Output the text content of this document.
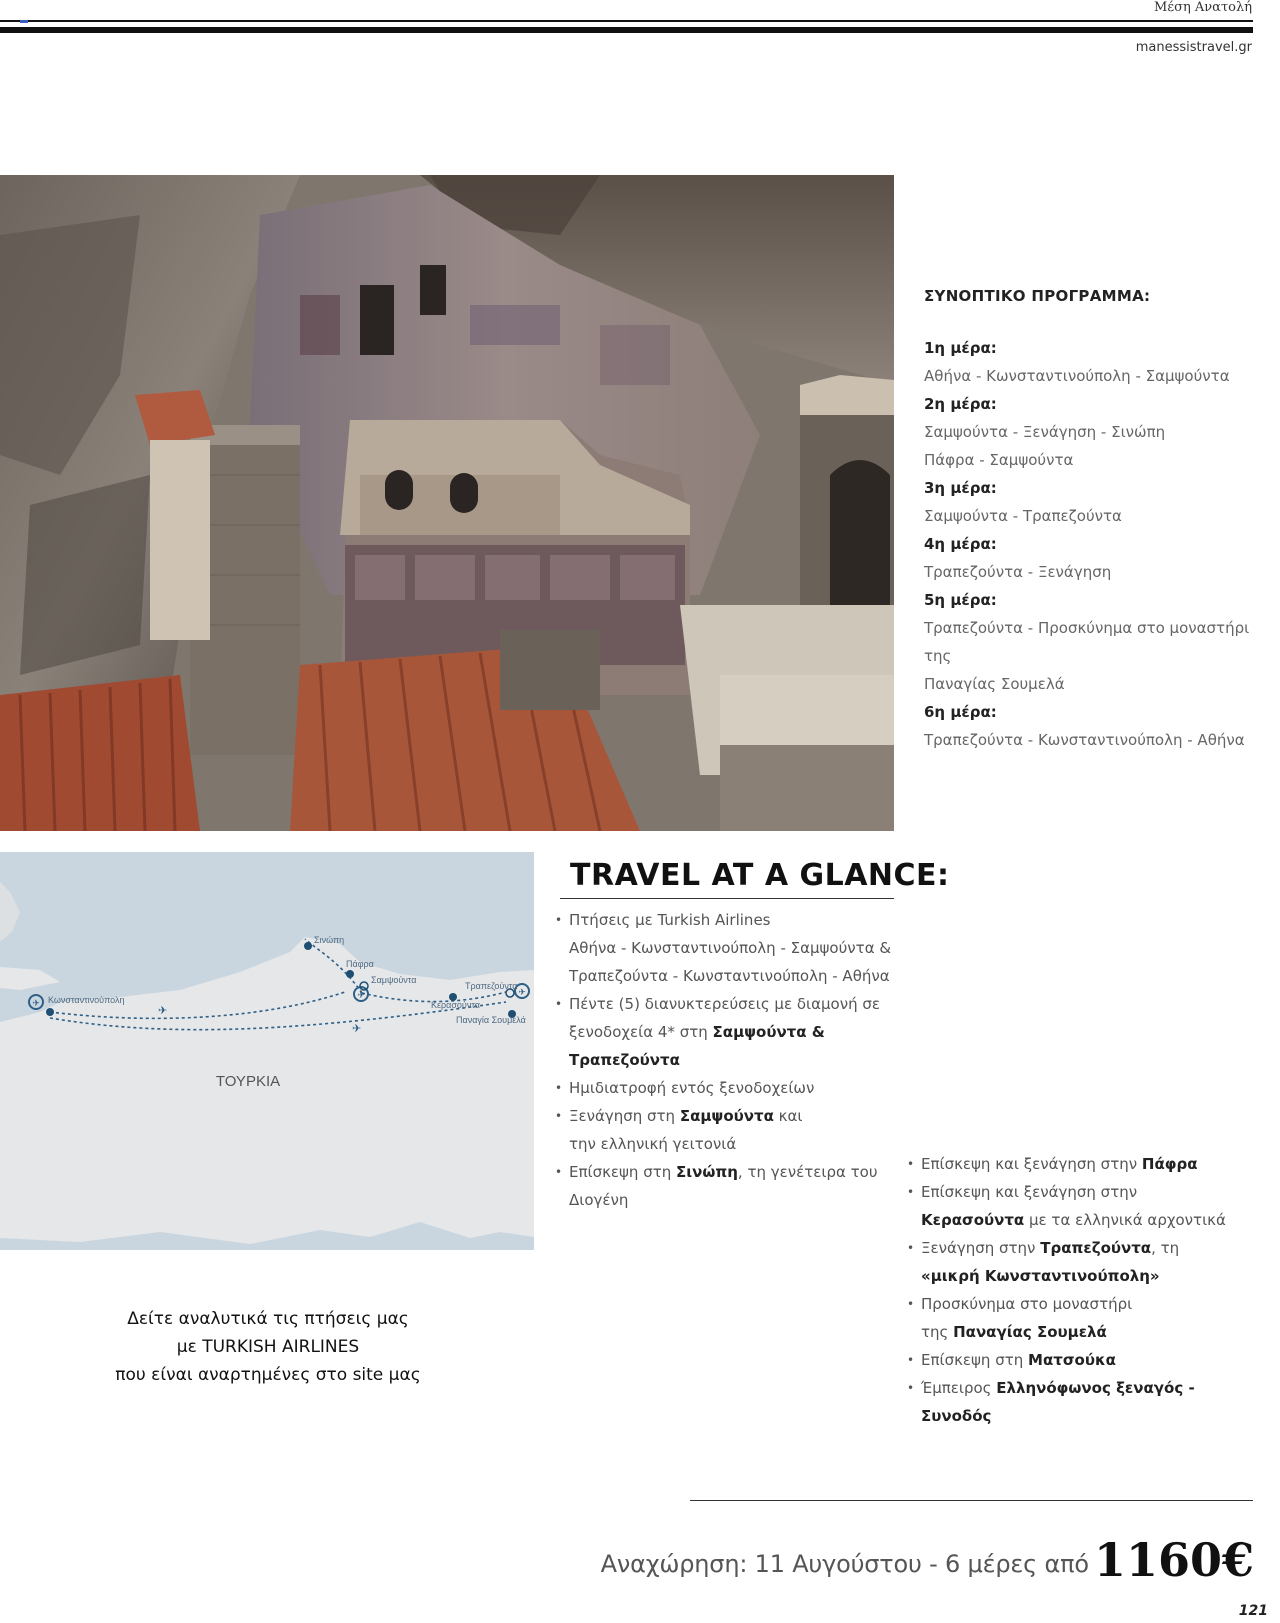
Μέση Ανατολή
manessistravel.gr
ΣΥΝΟΠΤΙΚΟ ΠΡΟΓΡΑΜΜΑ:
1η μέρα:
Αθήνα - Κωνσταντινούπολη - Σαμψούντα
2η μέρα:
Σαμψούντα - Ξενάγηση - Σινώπη
Πάφρα - Σαμψούντα
3η μέρα:
Σαμψούντα - Τραπεζούντα
4η μέρα:
Τραπεζούντα - Ξενάγηση
5η μέρα:
Τραπεζούντα - Προσκύνημα στο μοναστήρι της
Παναγίας Σουμελά
6η μέρα:
Τραπεζούντα - Κωνσταντινούπολη - Αθήνα
✈
✈	✈
✈
✈
Κωνσταντινούπολη
Σινώπη
Πάφρα
Σαμψούντα
Τραπεζούντα
Κερασούντα
Παναγία Σουμελά
ΤΟΥΡΚΙΑ
TRAVEL AT A GLANCE:
• Πτήσεις με Turkish Airlines
Αθήνα - Κωνσταντινούπολη - Σαμψούντα &
Τραπεζούντα - Κωνσταντινούπολη - Αθήνα
• Πέντε (5) διανυκτερεύσεις με διαμονή σε
ξενοδοχεία 4* στη Σαμψούντα & Τραπεζούντα
• Ημιδιατροφή εντός ξενοδοχείων
• Ξενάγηση στη Σαμψούντα και
την ελληνική γειτονιά
• Επίσκεψη στη Σινώπη, τη γενέτειρα του Διογένη
• Επίσκεψη και ξενάγηση στην Πάφρα
• Επίσκεψη και ξενάγηση στην
Κερασούντα με τα ελληνικά αρχοντικά
• Ξενάγηση στην Τραπεζούντα, τη
«μικρή Κωνσταντινούπολη»
• Προσκύνημα στο μοναστήρι
της Παναγίας Σουμελά
• Επίσκεψη στη Ματσούκα
• Έμπειρος Ελληνόφωνος ξεναγός - Συνοδός
Δείτε αναλυτικά τις πτήσεις μας
με TURKISH AIRLINES
που είναι αναρτημένες στο site μας
Αναχώρηση: 11 Αυγούστου - 6 μέρες από 1160€
121
